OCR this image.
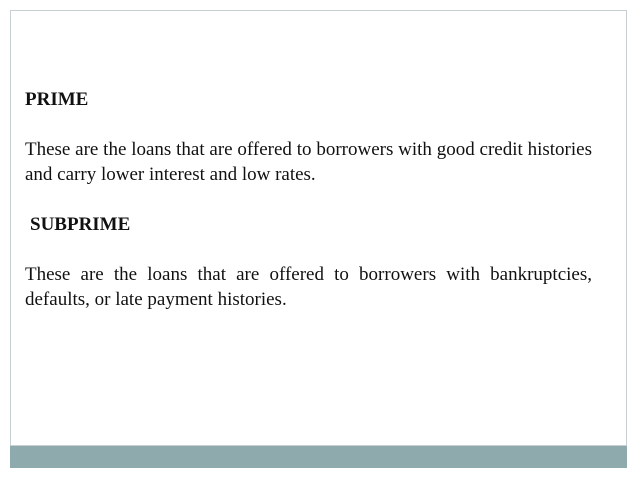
PRIME

These are the loans that are offered to borrowers with good credit histories and carry lower interest and low rates.

SUBPRIME

These are the loans that are offered to borrowers with bankruptcies, defaults, or late payment histories.
